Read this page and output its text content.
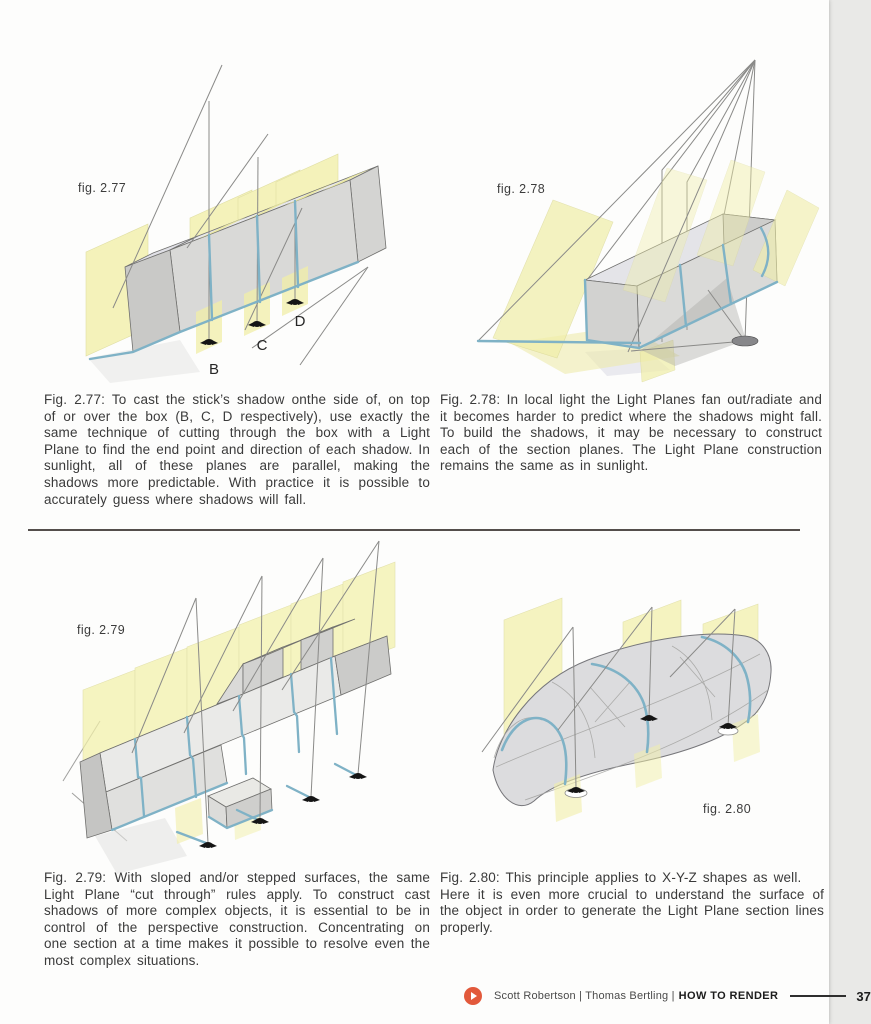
B
C
D
fig. 2.77	fig. 2.78

Fig. 2.77: To cast the stick’s shadow onthe side of, on top of or over the box (B, C, D respectively), use exactly the same technique of cutting through the box with a Light Plane to find the end point and direction of each shadow. In sunlight, all of these planes are parallel, making the shadows more predictable. With practice it is possible to accurately guess where shadows will fall.

Fig. 2.78: In local light the Light Planes fan out/radiate and it becomes harder to predict where the shadows might fall. To build the shadows, it may be necessary to construct each of the section planes. The Light Plane construction remains the same as in sunlight.

fig. 2.79
fig. 2.80

Fig. 2.79: With sloped and/or stepped surfaces, the same Light Plane “cut through” rules apply. To construct cast shadows of more complex objects, it is essential to be in control of the perspective construction. Concentrating on one section at a time makes it possible to resolve even the most complex situations.

Fig. 2.80: This principle applies to X-Y-Z shapes as well.
Here it is even more crucial to understand the surface of the object in order to generate the Light Plane section lines properly.

Scott Robertson | Thomas Bertling | HOW TO RENDER	37
